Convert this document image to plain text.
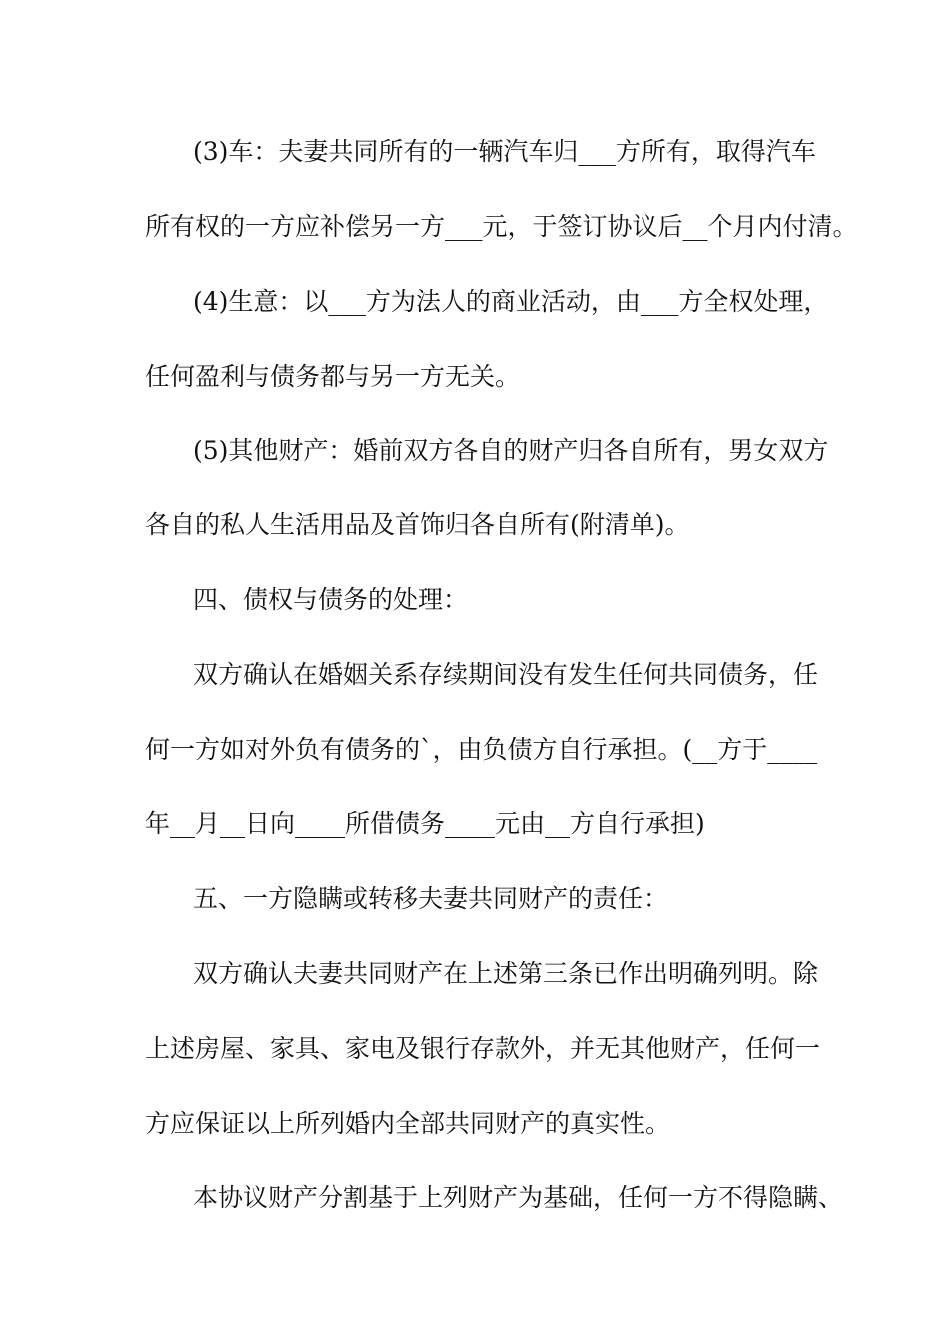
(3)车：夫妻共同所有的一辆汽车归___方所有，取得汽车
所有权的一方应补偿另一方___元，于签订协议后__个月内付清。
(4)生意：以___方为法人的商业活动，由___方全权处理，
任何盈利与债务都与另一方无关。
(5)其他财产：婚前双方各自的财产归各自所有，男女双方
各自的私人生活用品及首饰归各自所有(附清单)。
四、债权与债务的处理：
双方确认在婚姻关系存续期间没有发生任何共同债务，任
何一方如对外负有债务的`，由负债方自行承担。(__方于____
年__月__日向____所借债务____元由__方自行承担)
五、一方隐瞒或转移夫妻共同财产的责任：
双方确认夫妻共同财产在上述第三条已作出明确列明。除
上述房屋、家具、家电及银行存款外，并无其他财产，任何一
方应保证以上所列婚内全部共同财产的真实性。
本协议财产分割基于上列财产为基础，任何一方不得隐瞒、
